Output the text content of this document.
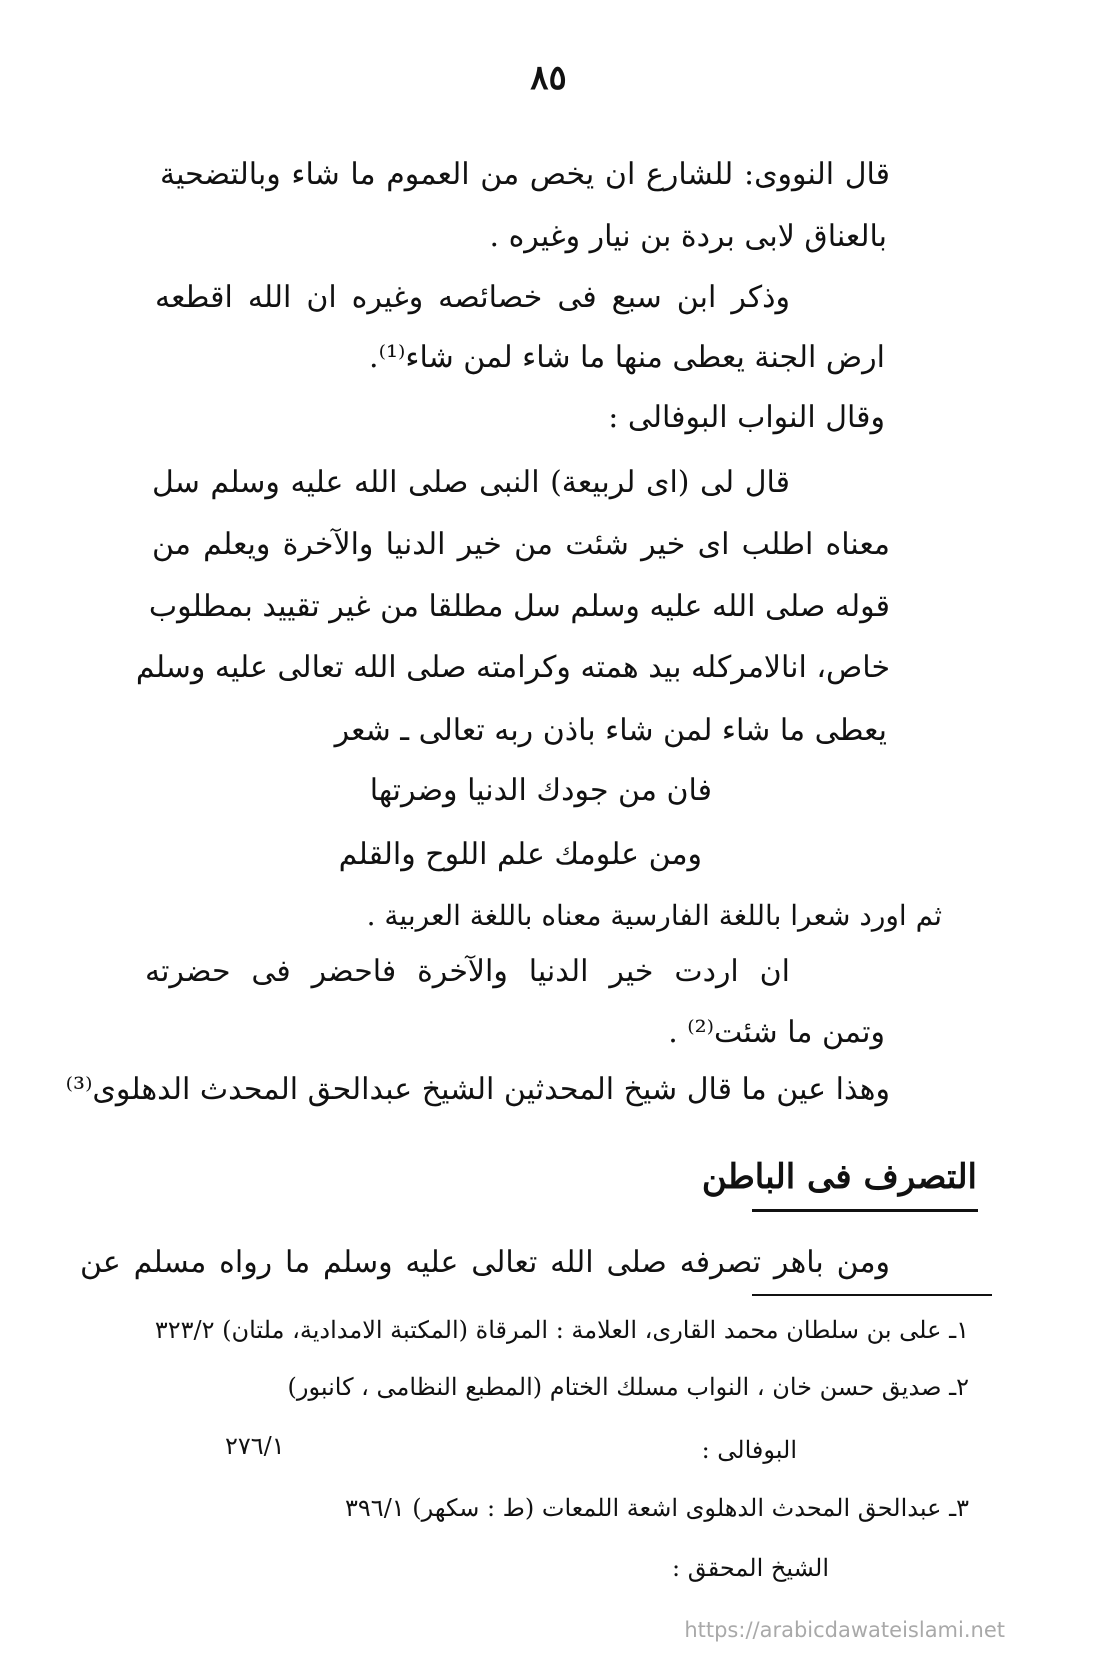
٨٥
قال النووى: للشارع ان يخص من العموم ما شاء وبالتضحية
بالعناق لابى بردة بن نيار وغيره .
وذكر ابن سبع فى خصائصه وغيره ان الله اقطعه
ارض الجنة يعطى منها ما شاء لمن شاء⁽¹⁾.
وقال النواب البوفالى :
قال لى (اى لربيعة) النبى صلى الله عليه وسلم سل
معناه اطلب اى خير شئت من خير الدنيا والآخرة ويعلم من
قوله صلى الله عليه وسلم سل مطلقا من غير تقييد بمطلوب
خاص، انالامركله بيد همته وكرامته صلى الله تعالى عليه وسلم
يعطى ما شاء لمن شاء باذن ربه تعالى ـ شعر
فان من جودك الدنيا وضرتها
ومن علومك علم اللوح والقلم
ثم اورد شعرا باللغة الفارسية معناه باللغة العربية .
ان اردت خير الدنيا والآخرة فاحضر فى حضرته
وتمن ما شئت⁽²⁾ .
وهذا عين ما قال شيخ المحدثين الشيخ عبدالحق المحدث الدهلوى⁽³⁾
التصرف فى الباطن
ومن باهر تصرفه صلى الله تعالى عليه وسلم ما رواه مسلم عن
١ـ على بن سلطان محمد القارى، العلامة : المرقاة (المكتبة الامدادية، ملتان) ٣٢٣/٢
٢ـ صديق حسن خان ، النواب مسلك الختام (المطبع النظامى ، كانبور)
البوفالى :
٢٧٦/١
٣ـ عبدالحق المحدث الدهلوى اشعة اللمعات (ط : سكهر) ٣٩٦/١
الشيخ المحقق :
https://arabicdawateislami.net
